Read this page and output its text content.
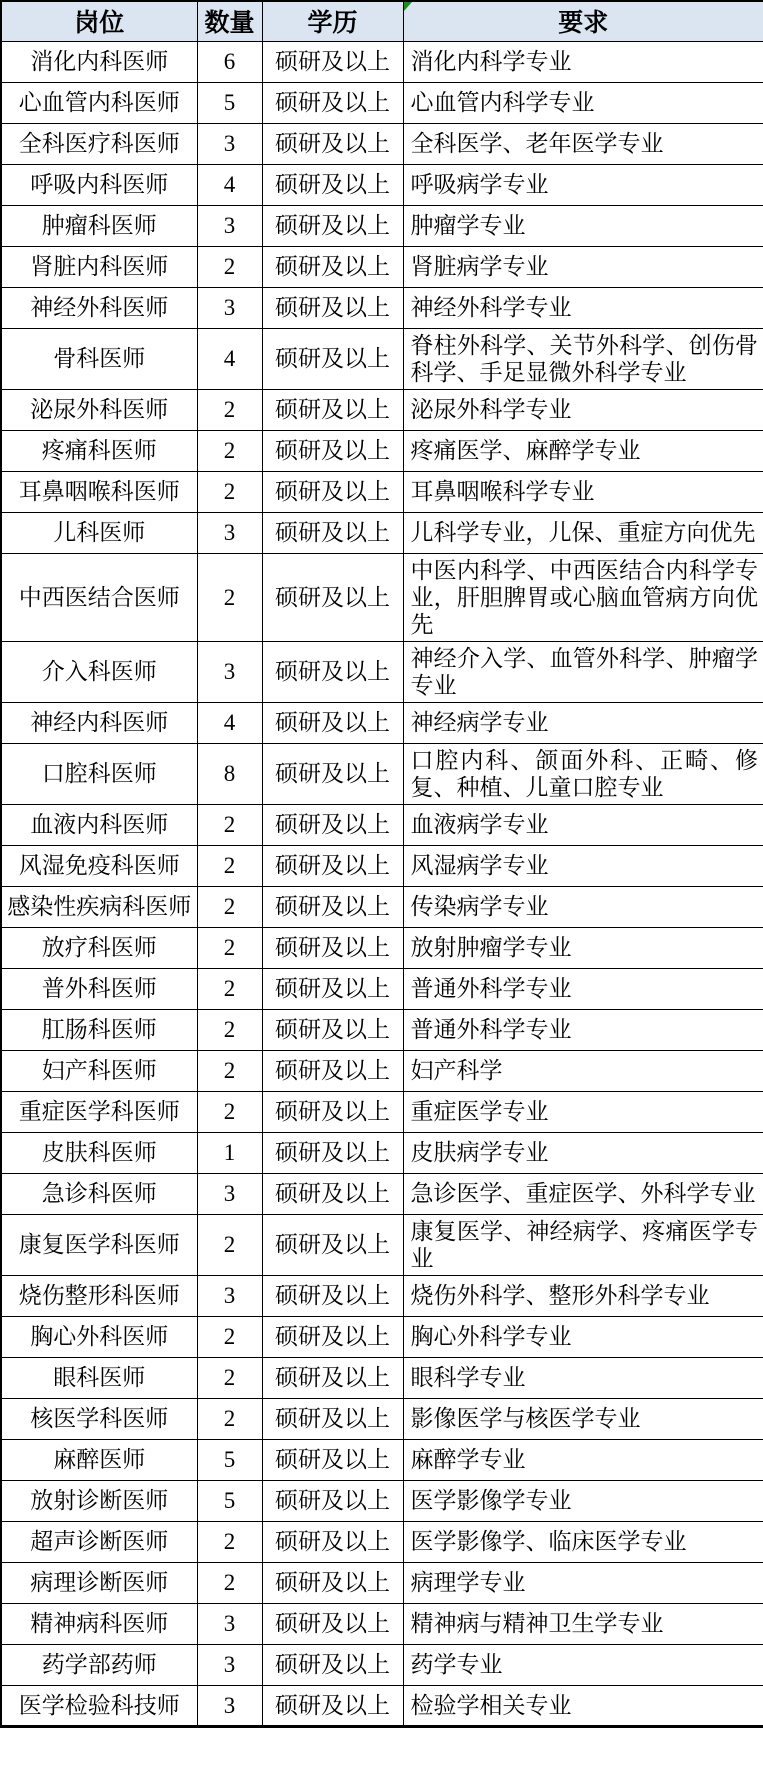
岗位	数量	学历	要求
消化内科医师	6	硕研及以上	消化内科学专业
心血管内科医师	5	硕研及以上	心血管内科学专业
全科医疗科医师	3	硕研及以上	全科医学、老年医学专业
呼吸内科医师	4	硕研及以上	呼吸病学专业
肿瘤科医师	3	硕研及以上	肿瘤学专业
肾脏内科医师	2	硕研及以上	肾脏病学专业
神经外科医师	3	硕研及以上	神经外科学专业
骨科医师	4	硕研及以上	脊柱外科学、关节外科学、创伤骨科学、手足显微外科学专业
泌尿外科医师	2	硕研及以上	泌尿外科学专业
疼痛科医师	2	硕研及以上	疼痛医学、麻醉学专业
耳鼻咽喉科医师	2	硕研及以上	耳鼻咽喉科学专业
儿科医师	3	硕研及以上	儿科学专业，儿保、重症方向优先
中西医结合医师	2	硕研及以上	中医内科学、中西医结合内科学专业，肝胆脾胃或心脑血管病方向优先
介入科医师	3	硕研及以上	神经介入学、血管外科学、肿瘤学专业
神经内科医师	4	硕研及以上	神经病学专业
口腔科医师	8	硕研及以上	口腔内科、颌面外科、正畸、修复、种植、儿童口腔专业
血液内科医师	2	硕研及以上	血液病学专业
风湿免疫科医师	2	硕研及以上	风湿病学专业
感染性疾病科医师	2	硕研及以上	传染病学专业
放疗科医师	2	硕研及以上	放射肿瘤学专业
普外科医师	2	硕研及以上	普通外科学专业
肛肠科医师	2	硕研及以上	普通外科学专业
妇产科医师	2	硕研及以上	妇产科学
重症医学科医师	2	硕研及以上	重症医学专业
皮肤科医师	1	硕研及以上	皮肤病学专业
急诊科医师	3	硕研及以上	急诊医学、重症医学、外科学专业
康复医学科医师	2	硕研及以上	康复医学、神经病学、疼痛医学专业
烧伤整形科医师	3	硕研及以上	烧伤外科学、整形外科学专业
胸心外科医师	2	硕研及以上	胸心外科学专业
眼科医师	2	硕研及以上	眼科学专业
核医学科医师	2	硕研及以上	影像医学与核医学专业
麻醉医师	5	硕研及以上	麻醉学专业
放射诊断医师	5	硕研及以上	医学影像学专业
超声诊断医师	2	硕研及以上	医学影像学、临床医学专业
病理诊断医师	2	硕研及以上	病理学专业
精神病科医师	3	硕研及以上	精神病与精神卫生学专业
药学部药师	3	硕研及以上	药学专业
医学检验科技师	3	硕研及以上	检验学相关专业
